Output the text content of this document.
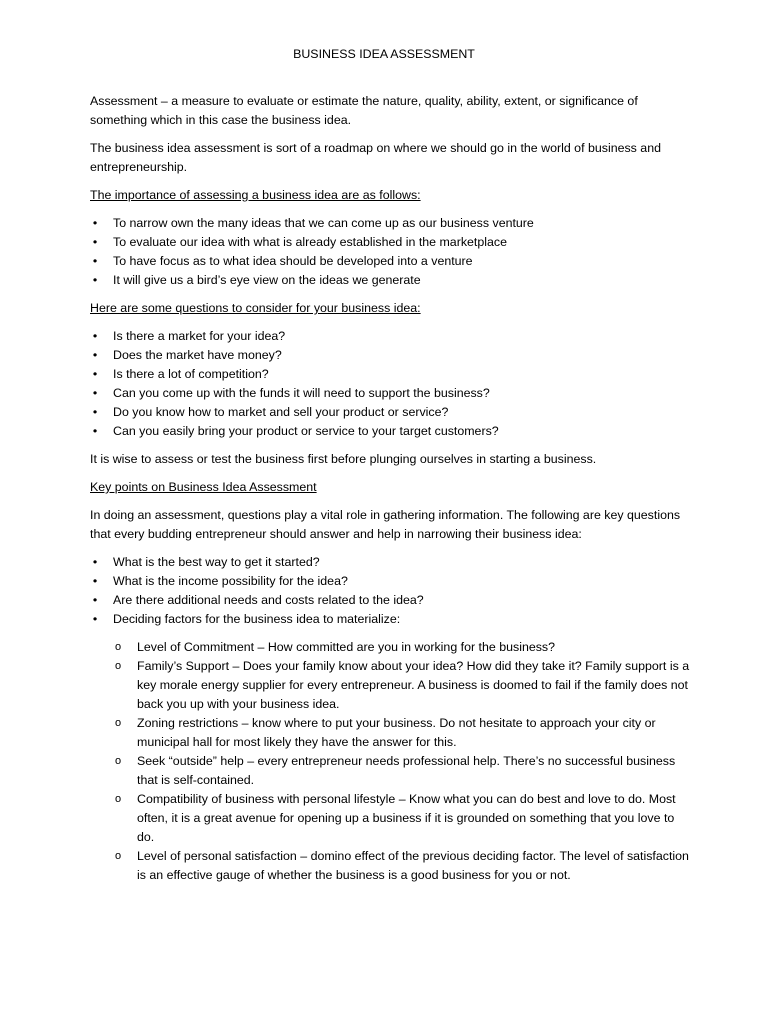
BUSINESS IDEA ASSESSMENT

Assessment – a measure to evaluate or estimate the nature, quality, ability, extent, or significance of something which in this case the business idea.

The business idea assessment is sort of a roadmap on where we should go in the world of business and entrepreneurship.

The importance of assessing a business idea are as follows:

• To narrow own the many ideas that we can come up as our business venture
• To evaluate our idea with what is already established in the marketplace
• To have focus as to what idea should be developed into a venture
• It will give us a bird’s eye view on the ideas we generate

Here are some questions to consider for your business idea:

• Is there a market for your idea?
• Does the market have money?
• Is there a lot of competition?
• Can you come up with the funds it will need to support the business?
• Do you know how to market and sell your product or service?
• Can you easily bring your product or service to your target customers?

It is wise to assess or test the business first before plunging ourselves in starting a business.

Key points on Business Idea Assessment

In doing an assessment, questions play a vital role in gathering information. The following are key questions that every budding entrepreneur should answer and help in narrowing their business idea:

• What is the best way to get it started?
• What is the income possibility for the idea?
• Are there additional needs and costs related to the idea?
• Deciding factors for the business idea to materialize:
o Level of Commitment – How committed are you in working for the business?
o Family’s Support – Does your family know about your idea? How did they take it? Family support is a key morale energy supplier for every entrepreneur. A business is doomed to fail if the family does not back you up with your business idea.
o Zoning restrictions – know where to put your business. Do not hesitate to approach your city or municipal hall for most likely they have the answer for this.
o Seek “outside” help – every entrepreneur needs professional help. There’s no successful business that is self-contained.
o Compatibility of business with personal lifestyle – Know what you can do best and love to do. Most often, it is a great avenue for opening up a business if it is grounded on something that you love to do.
o Level of personal satisfaction – domino effect of the previous deciding factor. The level of satisfaction is an effective gauge of whether the business is a good business for you or not.
